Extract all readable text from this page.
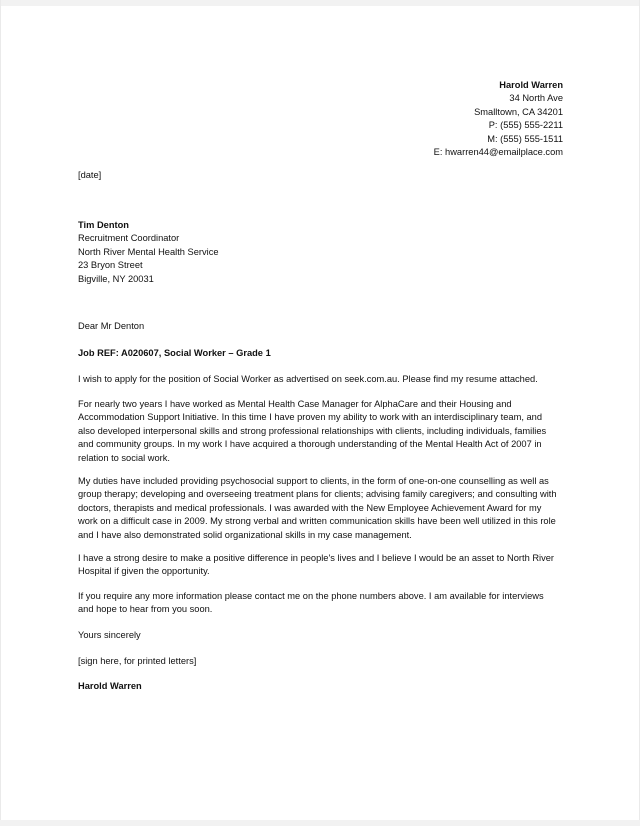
Harold Warren
34 North Ave
Smalltown, CA 34201
P: (555) 555-2211
M: (555) 555-1511
E: hwarren44@emailplace.com
[date]
Tim Denton
Recruitment Coordinator
North River Mental Health Service
23 Bryon Street
Bigville, NY 20031
Dear Mr Denton
Job REF: A020607, Social Worker – Grade 1
I wish to apply for the position of Social Worker as advertised on seek.com.au. Please find my resume attached.
For nearly two years I have worked as Mental Health Case Manager for AlphaCare and their Housing and
Accommodation Support Initiative. In this time I have proven my ability to work with an interdisciplinary team, and
also developed interpersonal skills and strong professional relationships with clients, including individuals, families
and community groups. In my work I have acquired a thorough understanding of the Mental Health Act of 2007 in
relation to social work.
My duties have included providing psychosocial support to clients, in the form of one-on-one counselling as well as
group therapy; developing and overseeing treatment plans for clients; advising family caregivers; and consulting with
doctors, therapists and medical professionals. I was awarded with the New Employee Achievement Award for my
work on a difficult case in 2009. My strong verbal and written communication skills have been well utilized in this role
and I have also demonstrated solid organizational skills in my case management.
I have a strong desire to make a positive difference in people's lives and I believe I would be an asset to North River
Hospital if given the opportunity.
If you require any more information please contact me on the phone numbers above. I am available for interviews
and hope to hear from you soon.
Yours sincerely
[sign here, for printed letters]
Harold Warren
